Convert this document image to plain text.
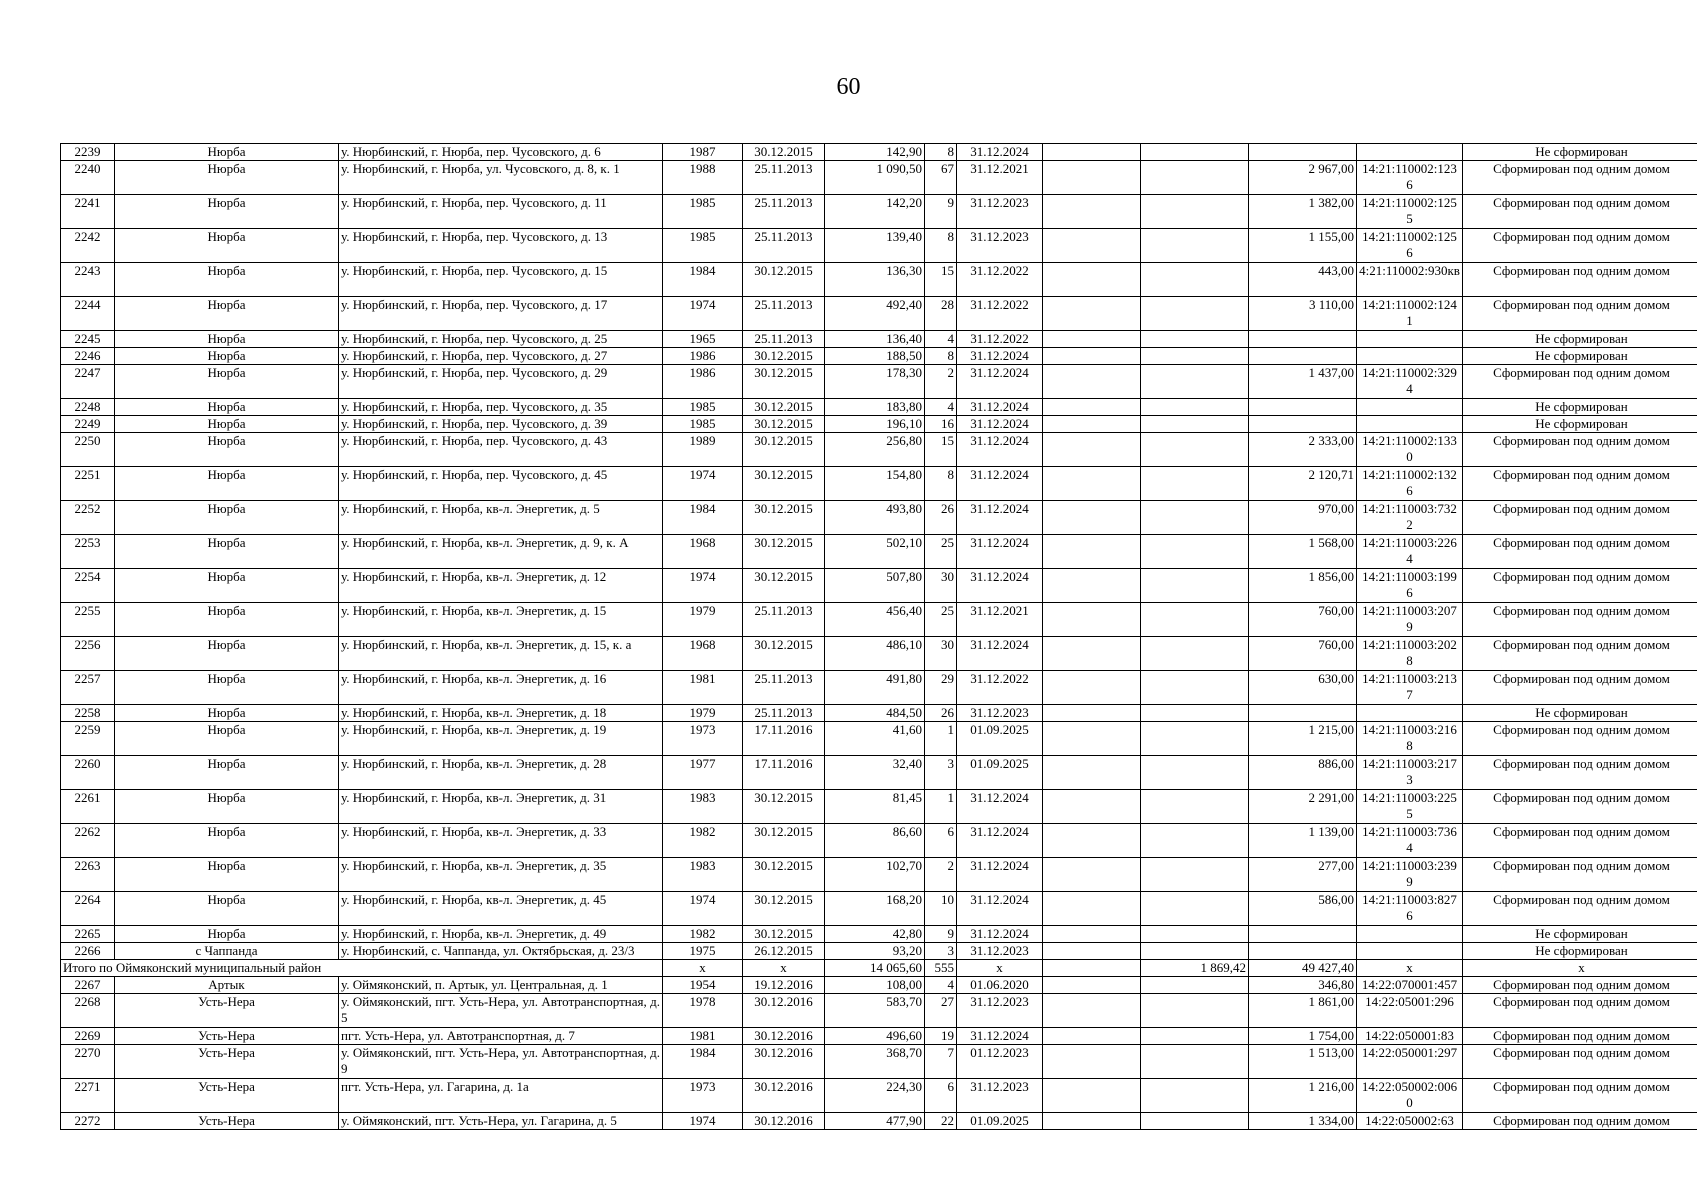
60
2239	Нюрба	у. Нюрбинский, г. Нюрба, пер. Чусовского, д. 6	1987	30.12.2015	142,90	8	31.12.2024					Не сформирован
2240	Нюрба	у. Нюрбинский, г. Нюрба, ул. Чусовского, д. 8, к. 1	1988	25.11.2013	1 090,50	67	31.12.2021			2 967,00	14:21:110002:1236	Сформирован под одним домом
2241	Нюрба	у. Нюрбинский, г. Нюрба, пер. Чусовского, д. 11	1985	25.11.2013	142,20	9	31.12.2023			1 382,00	14:21:110002:1255	Сформирован под одним домом
2242	Нюрба	у. Нюрбинский, г. Нюрба, пер. Чусовского, д. 13	1985	25.11.2013	139,40	8	31.12.2023			1 155,00	14:21:110002:1256	Сформирован под одним домом
2243	Нюрба	у. Нюрбинский, г. Нюрба, пер. Чусовского, д. 15	1984	30.12.2015	136,30	15	31.12.2022			443,00	4:21:110002:930кв	Сформирован под одним домом
2244	Нюрба	у. Нюрбинский, г. Нюрба, пер. Чусовского, д. 17	1974	25.11.2013	492,40	28	31.12.2022			3 110,00	14:21:110002:1241	Сформирован под одним домом
2245	Нюрба	у. Нюрбинский, г. Нюрба, пер. Чусовского, д. 25	1965	25.11.2013	136,40	4	31.12.2022					Не сформирован
2246	Нюрба	у. Нюрбинский, г. Нюрба, пер. Чусовского, д. 27	1986	30.12.2015	188,50	8	31.12.2024					Не сформирован
2247	Нюрба	у. Нюрбинский, г. Нюрба, пер. Чусовского, д. 29	1986	30.12.2015	178,30	2	31.12.2024			1 437,00	14:21:110002:3294	Сформирован под одним домом
2248	Нюрба	у. Нюрбинский, г. Нюрба, пер. Чусовского, д. 35	1985	30.12.2015	183,80	4	31.12.2024					Не сформирован
2249	Нюрба	у. Нюрбинский, г. Нюрба, пер. Чусовского, д. 39	1985	30.12.2015	196,10	16	31.12.2024					Не сформирован
2250	Нюрба	у. Нюрбинский, г. Нюрба, пер. Чусовского, д. 43	1989	30.12.2015	256,80	15	31.12.2024			2 333,00	14:21:110002:1330	Сформирован под одним домом
2251	Нюрба	у. Нюрбинский, г. Нюрба, пер. Чусовского, д. 45	1974	30.12.2015	154,80	8	31.12.2024			2 120,71	14:21:110002:1326	Сформирован под одним домом
2252	Нюрба	у. Нюрбинский, г. Нюрба, кв-л. Энергетик, д. 5	1984	30.12.2015	493,80	26	31.12.2024			970,00	14:21:110003:7322	Сформирован под одним домом
2253	Нюрба	у. Нюрбинский, г. Нюрба, кв-л. Энергетик, д. 9, к. А	1968	30.12.2015	502,10	25	31.12.2024			1 568,00	14:21:110003:2264	Сформирован под одним домом
2254	Нюрба	у. Нюрбинский, г. Нюрба, кв-л. Энергетик, д. 12	1974	30.12.2015	507,80	30	31.12.2024			1 856,00	14:21:110003:1996	Сформирован под одним домом
2255	Нюрба	у. Нюрбинский, г. Нюрба, кв-л. Энергетик, д. 15	1979	25.11.2013	456,40	25	31.12.2021			760,00	14:21:110003:2079	Сформирован под одним домом
2256	Нюрба	у. Нюрбинский, г. Нюрба, кв-л. Энергетик, д. 15, к. а	1968	30.12.2015	486,10	30	31.12.2024			760,00	14:21:110003:2028	Сформирован под одним домом
2257	Нюрба	у. Нюрбинский, г. Нюрба, кв-л. Энергетик, д. 16	1981	25.11.2013	491,80	29	31.12.2022			630,00	14:21:110003:2137	Сформирован под одним домом
2258	Нюрба	у. Нюрбинский, г. Нюрба, кв-л. Энергетик, д. 18	1979	25.11.2013	484,50	26	31.12.2023					Не сформирован
2259	Нюрба	у. Нюрбинский, г. Нюрба, кв-л. Энергетик, д. 19	1973	17.11.2016	41,60	1	01.09.2025			1 215,00	14:21:110003:2168	Сформирован под одним домом
2260	Нюрба	у. Нюрбинский, г. Нюрба, кв-л. Энергетик, д. 28	1977	17.11.2016	32,40	3	01.09.2025			886,00	14:21:110003:2173	Сформирован под одним домом
2261	Нюрба	у. Нюрбинский, г. Нюрба, кв-л. Энергетик, д. 31	1983	30.12.2015	81,45	1	31.12.2024			2 291,00	14:21:110003:2255	Сформирован под одним домом
2262	Нюрба	у. Нюрбинский, г. Нюрба, кв-л. Энергетик, д. 33	1982	30.12.2015	86,60	6	31.12.2024			1 139,00	14:21:110003:7364	Сформирован под одним домом
2263	Нюрба	у. Нюрбинский, г. Нюрба, кв-л. Энергетик, д. 35	1983	30.12.2015	102,70	2	31.12.2024			277,00	14:21:110003:2399	Сформирован под одним домом
2264	Нюрба	у. Нюрбинский, г. Нюрба, кв-л. Энергетик, д. 45	1974	30.12.2015	168,20	10	31.12.2024			586,00	14:21:110003:8276	Сформирован под одним домом
2265	Нюрба	у. Нюрбинский, г. Нюрба, кв-л. Энергетик, д. 49	1982	30.12.2015	42,80	9	31.12.2024					Не сформирован
2266	с Чаппанда	у. Нюрбинский, с. Чаппанда, ул. Октябрьская, д. 23/3	1975	26.12.2015	93,20	3	31.12.2023					Не сформирован
Итого по Оймяконский муниципальный район			x	x	14 065,60	555	x		1 869,42	49 427,40	x	x
2267	Артык	у. Оймяконский, п. Артык, ул. Центральная, д. 1	1954	19.12.2016	108,00	4	01.06.2020			346,80	14:22:070001:457	Сформирован под одним домом
2268	Усть-Нера	у. Оймяконский, пгт. Усть-Нера, ул. Автотранспортная, д. 5	1978	30.12.2016	583,70	27	31.12.2023			1 861,00	14:22:05001:296	Сформирован под одним домом
2269	Усть-Нера	пгт. Усть-Нера, ул. Автотранспортная, д. 7	1981	30.12.2016	496,60	19	31.12.2024			1 754,00	14:22:050001:83	Сформирован под одним домом
2270	Усть-Нера	у. Оймяконский, пгт. Усть-Нера, ул. Автотранспортная, д. 9	1984	30.12.2016	368,70	7	01.12.2023			1 513,00	14:22:050001:297	Сформирован под одним домом
2271	Усть-Нера	пгт. Усть-Нера, ул. Гагарина, д. 1а	1973	30.12.2016	224,30	6	31.12.2023			1 216,00	14:22:050002:0060	Сформирован под одним домом
2272	Усть-Нера	у. Оймяконский, пгт. Усть-Нера, ул. Гагарина, д. 5	1974	30.12.2016	477,90	22	01.09.2025			1 334,00	14:22:050002:63	Сформирован под одним домом
